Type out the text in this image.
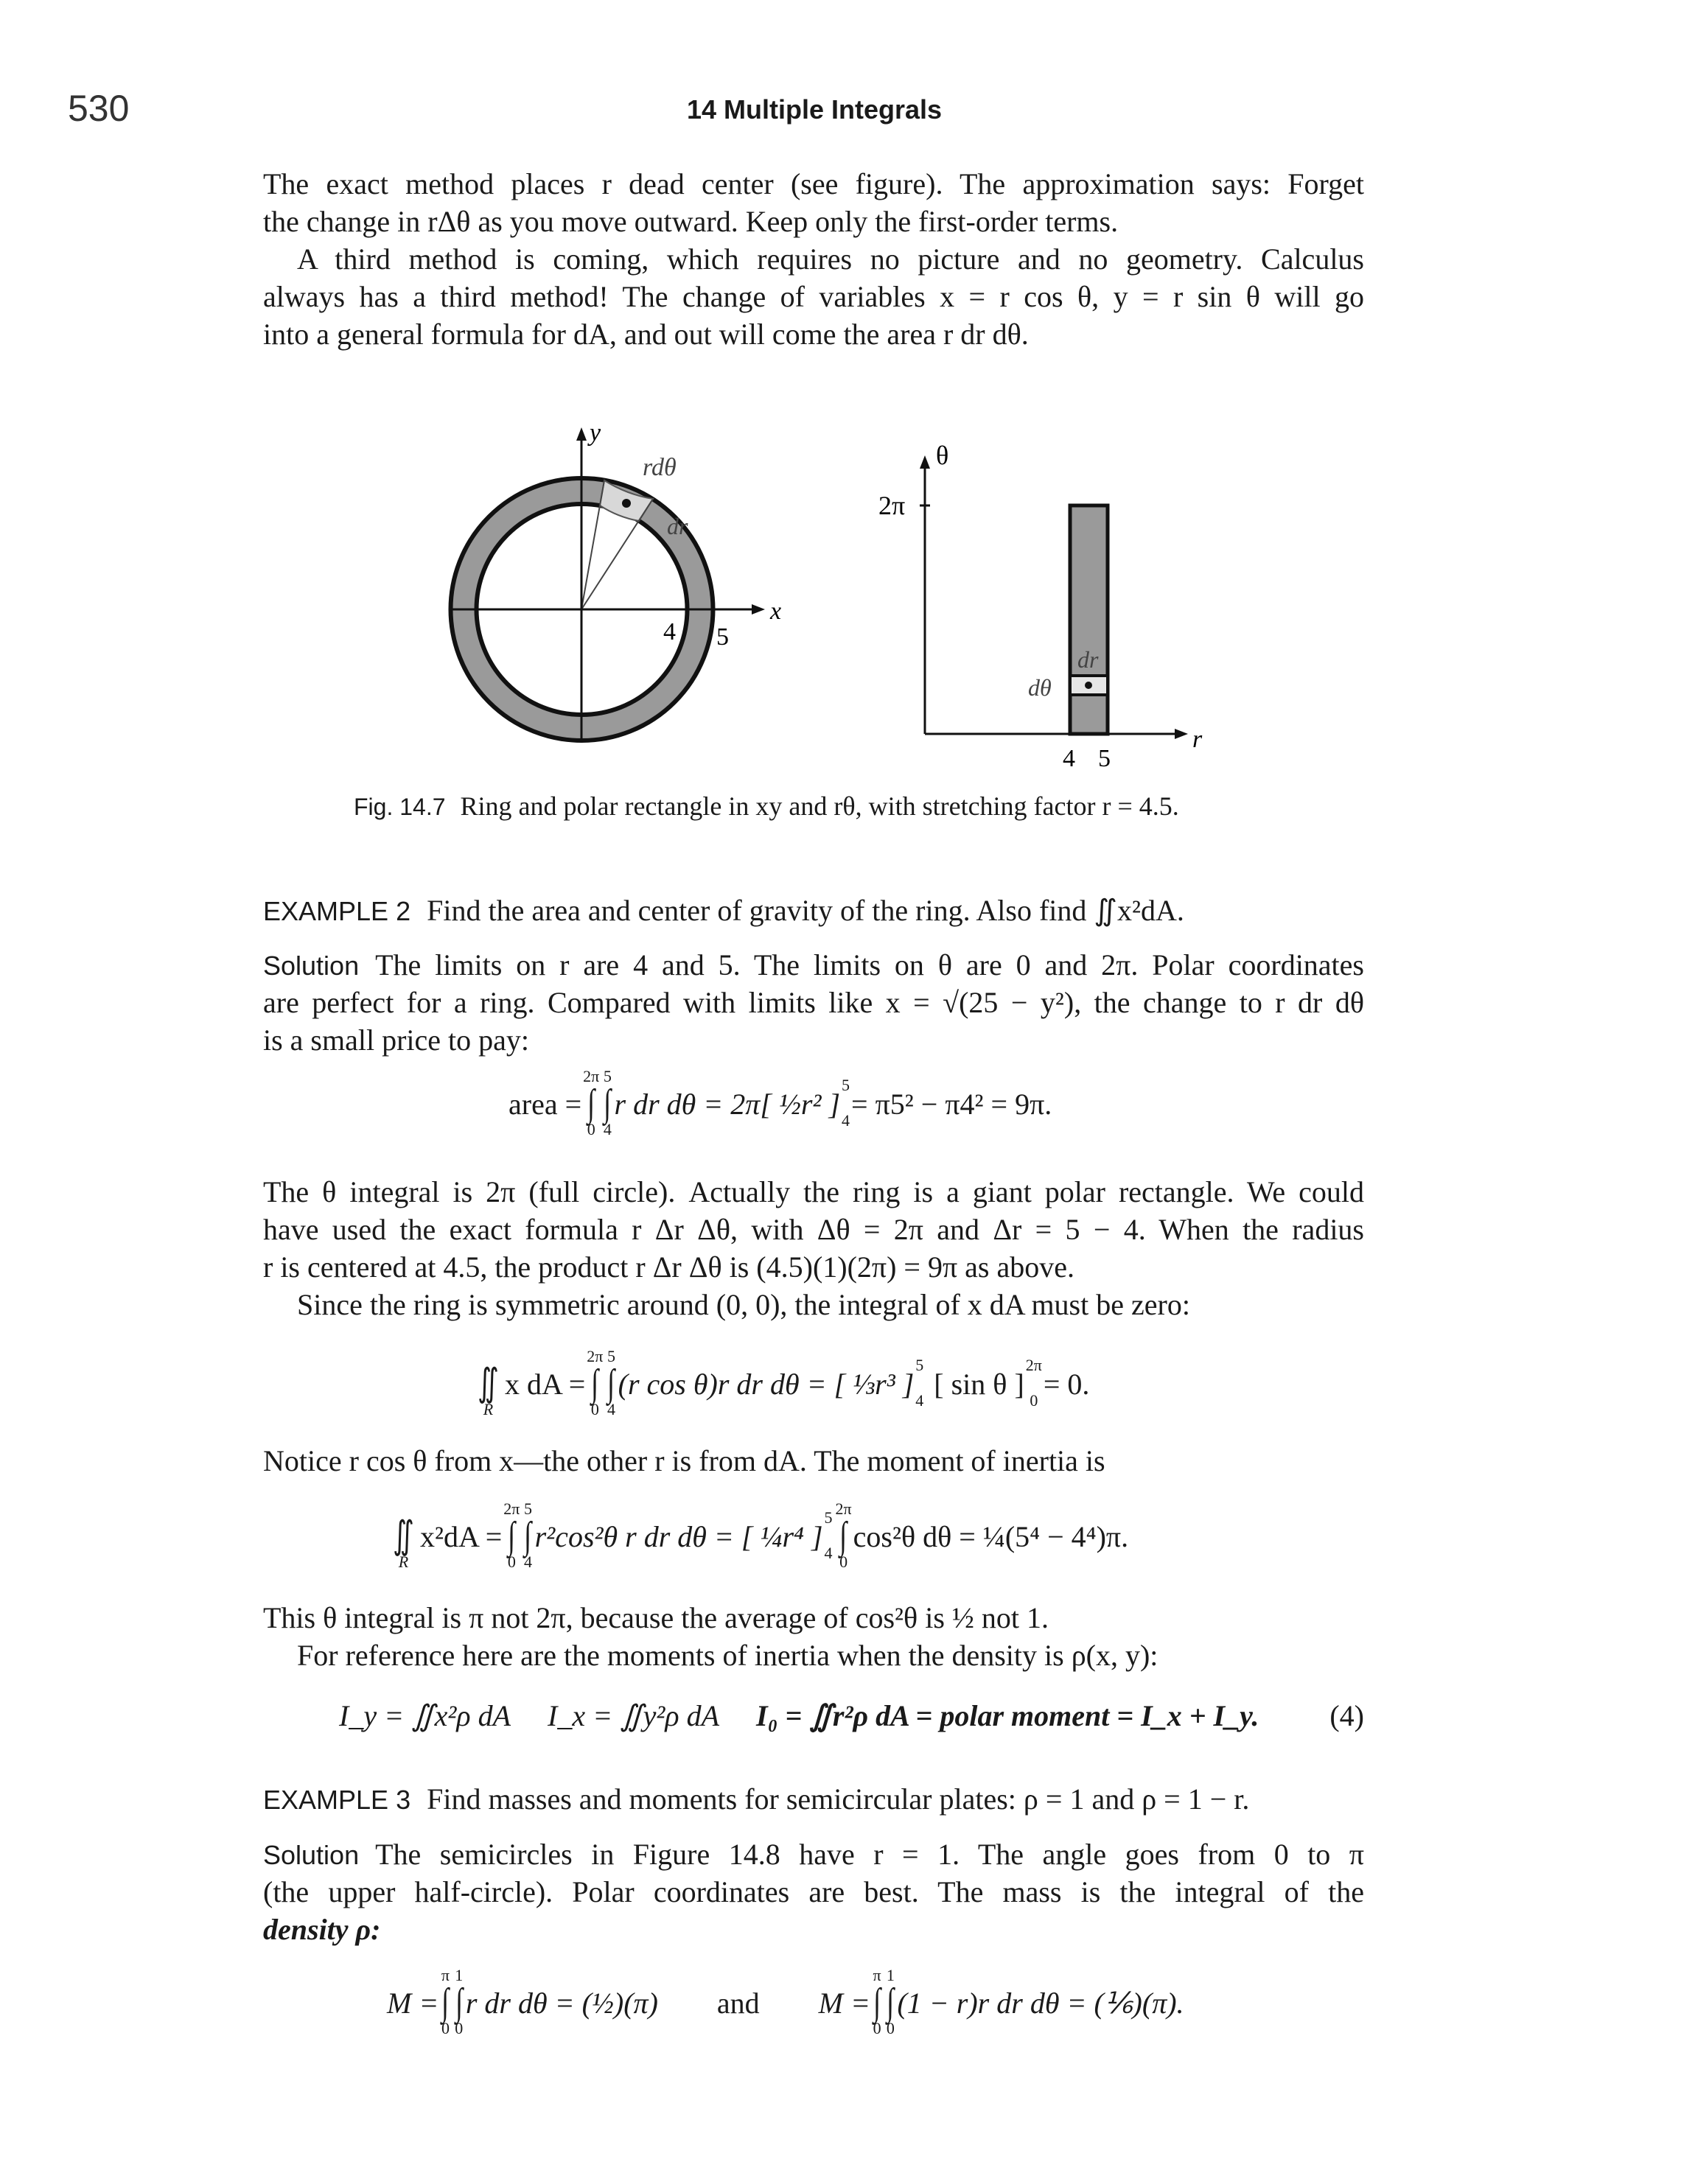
530	14 Multiple Integrals
The exact method places r dead center (see figure). The approximation says: Forget
the change in rΔθ as you move outward. Keep only the first-order terms.
A third method is coming, which requires no picture and no geometry. Calculus
always has a third method! The change of variables x = r cos θ, y = r sin θ will go
into a general formula for dA, and out will come the area r dr dθ.
y
x
rdθ
dr
4 5
θ
2π
r
dr
dθ
4 5
Fig. 14.7 Ring and polar rectangle in xy and rθ, with stretching factor r = 4.5.
EXAMPLE 2 Find the area and center of gravity of the ring. Also find ∬x²dA.
Solution The limits on r are 4 and 5. The limits on θ are 0 and 2π. Polar coordinates
are perfect for a ring. Compared with limits like x = √(25 − y²), the change to r dr dθ
is a small price to pay:
area =
2π
∫
0
5
∫
4
r dr dθ = 2π[ ½r² ]
5
4 = π5² − π4² = 9π.
The θ integral is 2π (full circle). Actually the ring is a giant polar rectangle. We could
have used the exact formula r Δr Δθ, with Δθ = 2π and Δr = 5 − 4. When the radius
r is centered at 4.5, the product r Δr Δθ is (4.5)(1)(2π) = 9π as above.
Since the ring is symmetric around (0, 0), the integral of x dA must be zero:
∬
R
x dA =
2π
∫
0
5
∫
4
(r cos θ)r dr dθ = [ ⅓r³ ]
5
4 [ sin θ ]
2π
0 = 0.
Notice r cos θ from x—the other r is from dA. The moment of inertia is
∬
R
x²dA =
2π
∫
0
5
∫
4
r²cos²θ r dr dθ = [ ¼r⁴ ]
5
4
2π
∫
0
cos²θ dθ = ¼(5⁴ − 4⁴)π.
This θ integral is π not 2π, because the average of cos²θ is ½ not 1.
For reference here are the moments of inertia when the density is ρ(x, y):
I_y = ∬x²ρ dA I_x = ∬y²ρ dA I₀ = ∬r²ρ dA = polar moment = I_x + I_y.	(4)
EXAMPLE 3 Find masses and moments for semicircular plates: ρ = 1 and ρ = 1 − r.
Solution The semicircles in Figure 14.8 have r = 1. The angle goes from 0 to π
(the upper half-circle). Polar coordinates are best. The mass is the integral of the
density ρ:
M =
π
∫
0
1
∫
0
r dr dθ = (½)(π) and M =
π
∫
0
1
∫
0
(1 − r)r dr dθ = (⅙)(π).
